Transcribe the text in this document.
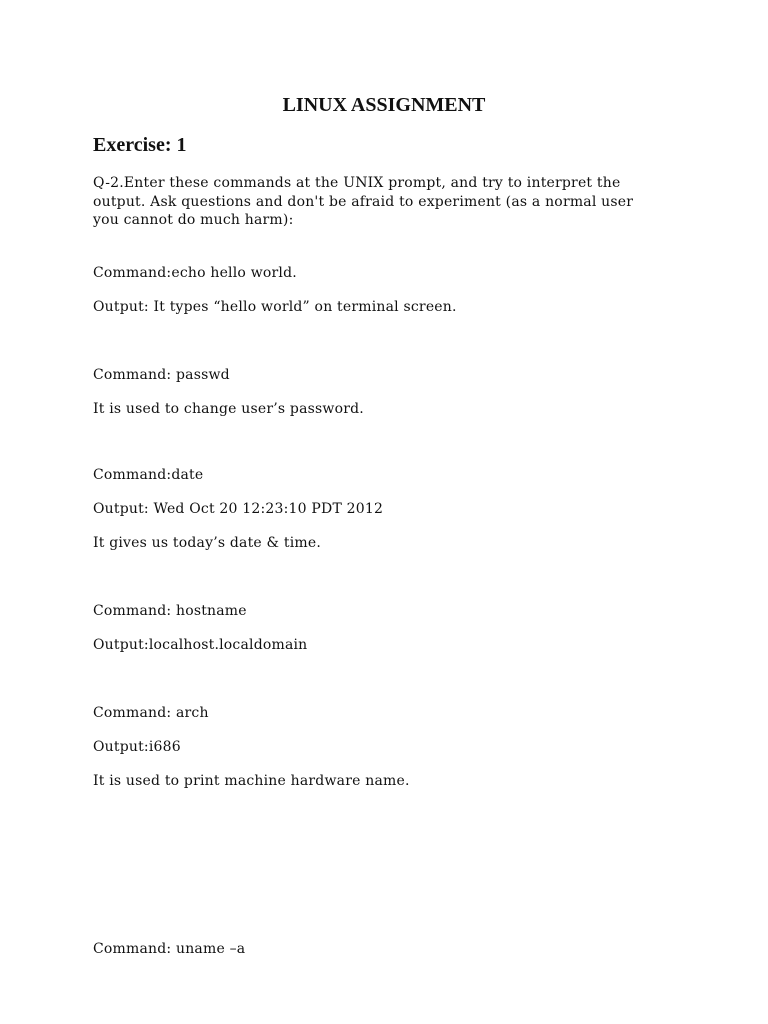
LINUX ASSIGNMENT
Exercise: 1

Q-2.Enter these commands at the UNIX prompt, and try to interpret the

output. Ask questions and don't be afraid to experiment (as a normal user

you cannot do much harm):

Command:echo hello world.

Output: It types “hello world” on terminal screen.

Command: passwd

It is used to change user’s password.

Command:date

Output: Wed Oct 20 12:23:10 PDT 2012

It gives us today’s date & time.

Command: hostname

Output:localhost.localdomain

Command: arch

Output:i686

It is used to print machine hardware name.

Command: uname –a
